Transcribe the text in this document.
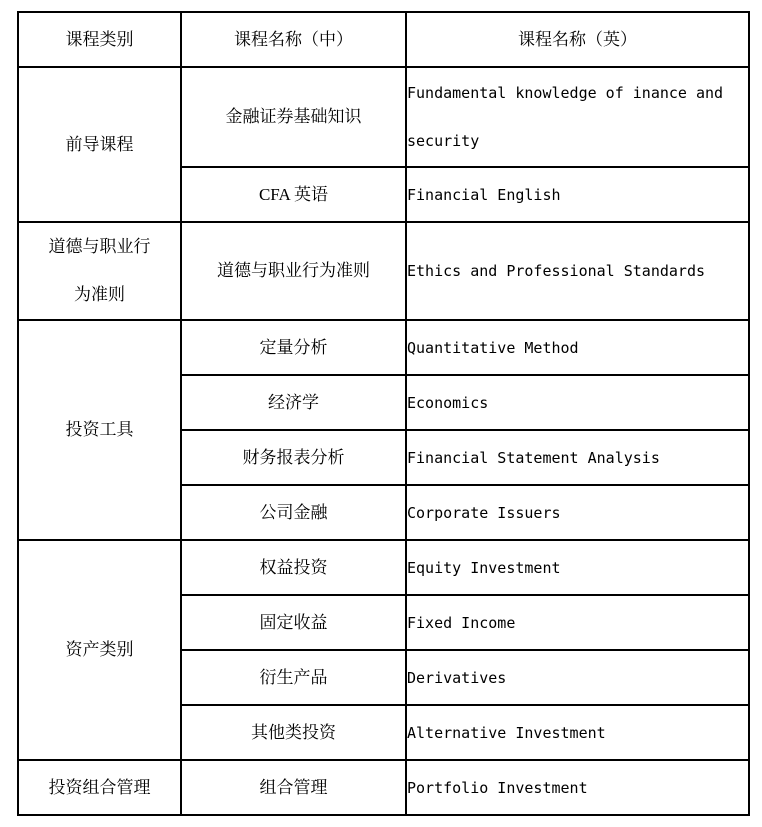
课程类别	课程名称（中）	课程名称（英）
前导课程	金融证券基础知识	Fundamental knowledge of inance and security
	CFA 英语	Financial English
道德与职业行为准则	道德与职业行为准则	Ethics and Professional Standards
投资工具	定量分析	Quantitative Method
	经济学	Economics
	财务报表分析	Financial Statement Analysis
	公司金融	Corporate Issuers
资产类别	权益投资	Equity Investment
	固定收益	Fixed Income
	衍生产品	Derivatives
	其他类投资	Alternative Investment
投资组合管理	组合管理	Portfolio Investment
